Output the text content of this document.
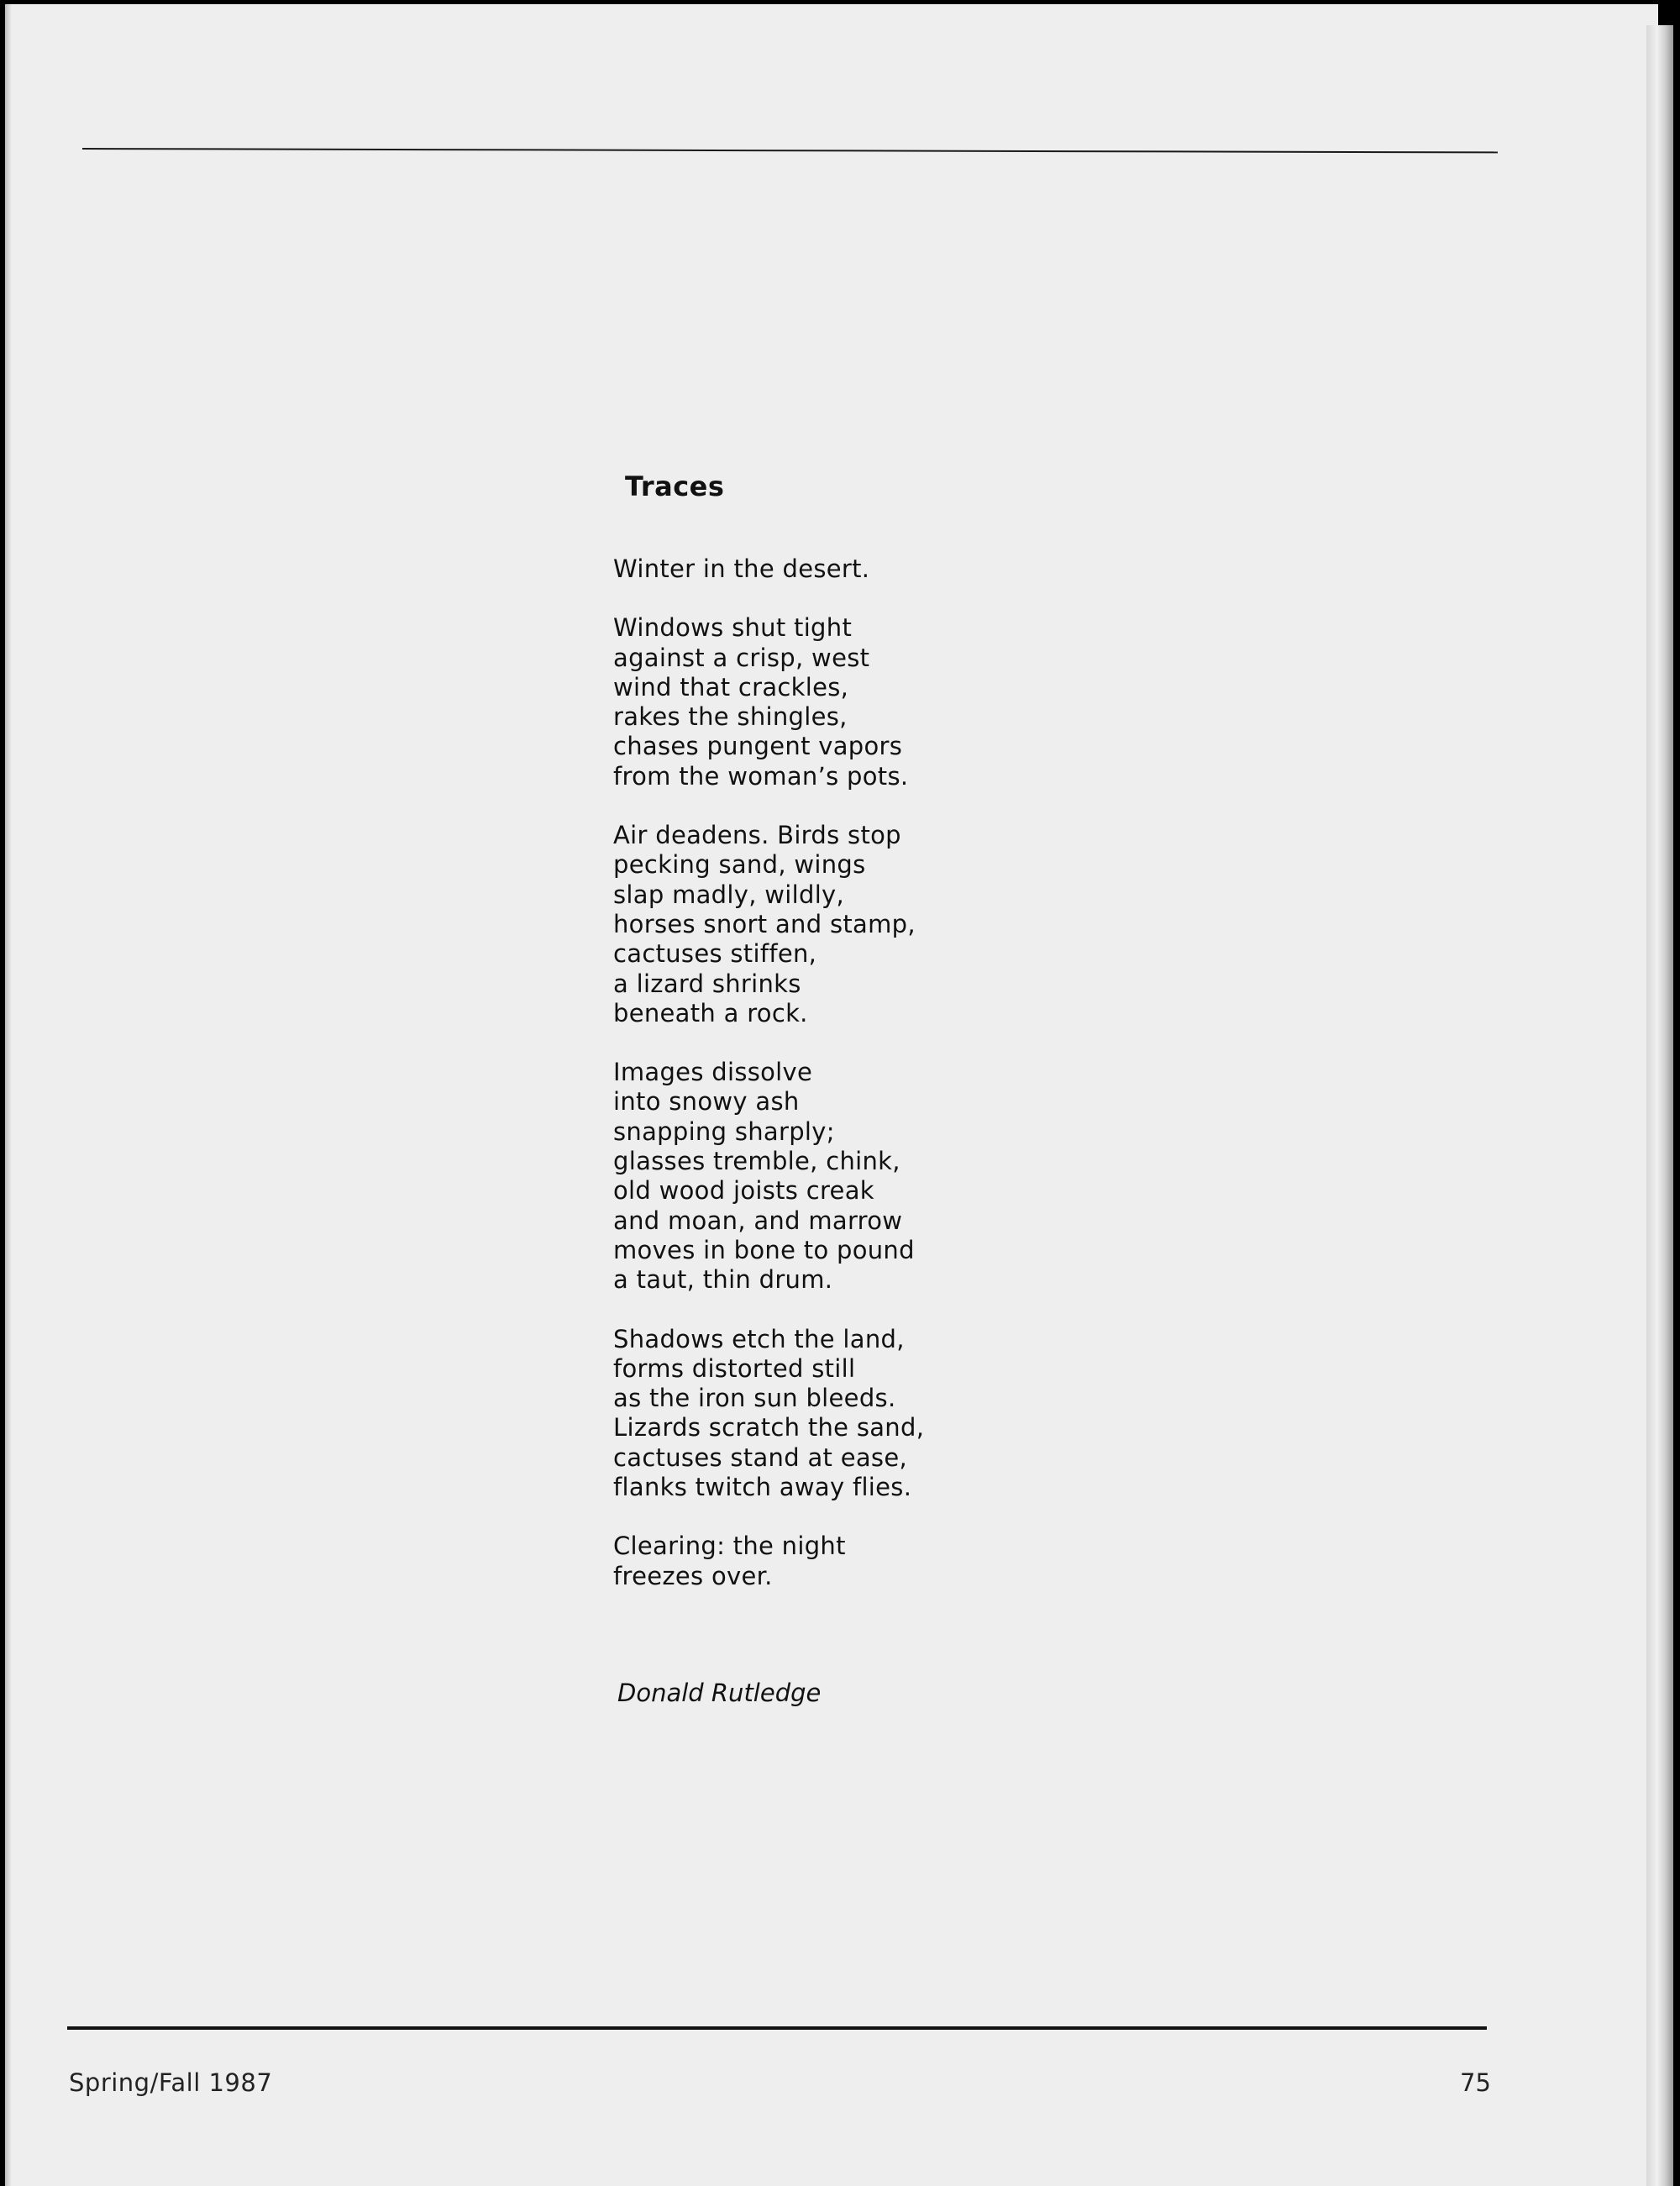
Traces
Winter in the desert.
Windows shut tight
against a crisp, west
wind that crackles,
rakes the shingles,
chases pungent vapors
from the woman’s pots.
Air deadens. Birds stop
pecking sand, wings
slap madly, wildly,
horses snort and stamp,
cactuses stiffen,
a lizard shrinks
beneath a rock.
Images dissolve
into snowy ash
snapping sharply;
glasses tremble, chink,
old wood joists creak
and moan, and marrow
moves in bone to pound
a taut, thin drum.
Shadows etch the land,
forms distorted still
as the iron sun bleeds.
Lizards scratch the sand,
cactuses stand at ease,
flanks twitch away flies.
Clearing: the night
freezes over.
Donald Rutledge
Spring/Fall 1987	75
